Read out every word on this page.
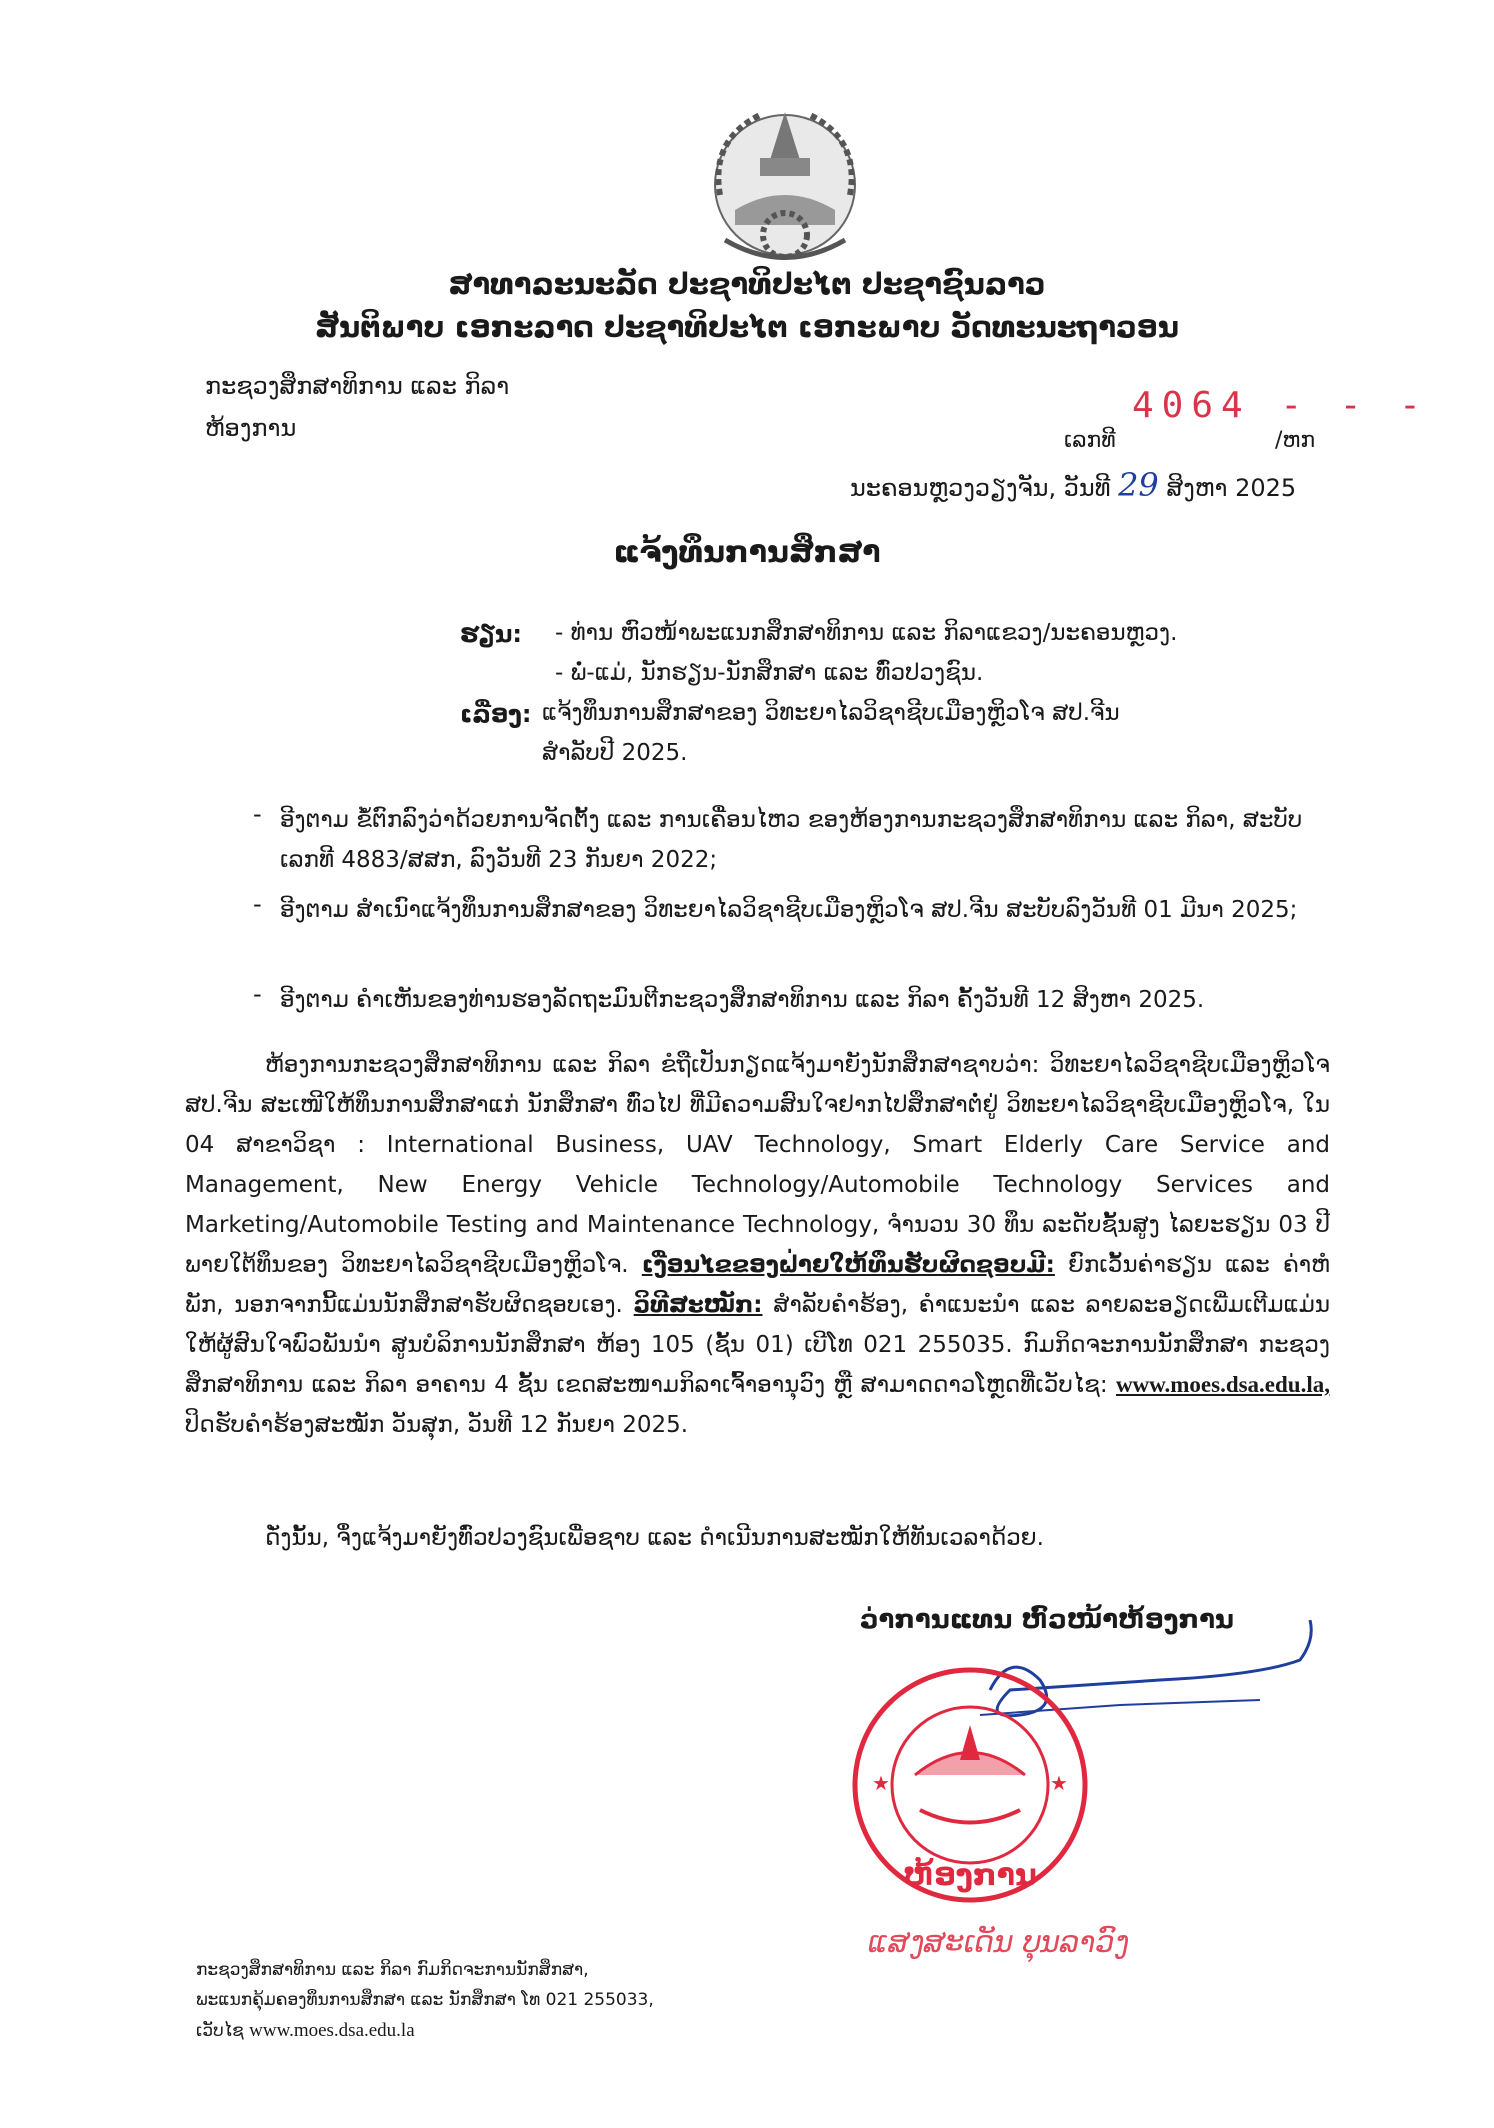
ສາທາລະນະລັດ ປະຊາທິປະໄຕ ປະຊາຊົນລາວ
ສັນຕິພາບ ເອກະລາດ ປະຊາທິປະໄຕ ເອກະພາບ ວັດທະນະຖາວອນ
ກະຊວງສຶກສາທິການ ແລະ ກິລາ
ຫ້ອງການ
4064 - - -
ເລກທີ	/ຫກ
ນະຄອນຫຼວງວຽງຈັນ, ວັນທີ 29 ສິງຫາ 2025
ແຈ້ງທຶນການສຶກສາ
ຮຽນ: - ທ່ານ ຫົວໜ້າພະແນກສຶກສາທິການ ແລະ ກິລາແຂວງ/ນະຄອນຫຼວງ.
- ພໍ່-ແມ່, ນັກຮຽນ-ນັກສຶກສາ ແລະ ທົ່ວປວງຊົນ.
ເລື່ອງ: ແຈ້ງທຶນການສຶກສາຂອງ ວິທະຍາໄລວິຊາຊີບເມືອງຫຼິວໂຈ ສປ.ຈີນ
ສຳລັບປີ 2025.
- ອີງຕາມ ຂໍ້ຕົກລົງວ່າດ້ວຍການຈັດຕັ້ງ ແລະ ການເຄື່ອນໄຫວ ຂອງຫ້ອງການກະຊວງສຶກສາທິການ ແລະ ກິລາ, ສະບັບເລກທີ 4883/ສສກ, ລົງວັນທີ 23 ກັນຍາ 2022;
- ອີງຕາມ ສຳເນົາແຈ້ງທຶນການສຶກສາຂອງ ວິທະຍາໄລວິຊາຊີບເມືອງຫຼິວໂຈ ສປ.ຈີນ ສະບັບລົງວັນທີ 01 ມີນາ 2025;
- ອີງຕາມ ຄຳເຫັນຂອງທ່ານຮອງລັດຖະມົນຕີກະຊວງສຶກສາທິການ ແລະ ກິລາ ຄັ້ງວັນທີ 12 ສິງຫາ 2025.
ຫ້ອງການກະຊວງສຶກສາທິການ ແລະ ກິລາ ຂໍຖືເປັນກຽດແຈ້ງມາຍັງນັກສຶກສາຊາບວ່າ: ວິທະຍາໄລວິຊາຊີບເມືອງຫຼິວໂຈ ສປ.ຈີນ ສະເໜີໃຫ້ທຶນການສຶກສາແກ່ ນັກສຶກສາ ທົ່ວໄປ ທີ່ມີຄວາມສົນໃຈຢາກໄປສຶກສາຕໍ່ຢູ່ ວິທະຍາໄລວິຊາຊີບເມືອງຫຼິວໂຈ, ໃນ 04 ສາຂາວິຊາ : International Business, UAV Technology, Smart Elderly Care Service and Management, New Energy Vehicle Technology/Automobile Technology Services and Marketing/Automobile Testing and Maintenance Technology, ຈຳນວນ 30 ທຶນ ລະດັບຊັ້ນສູງ ໄລຍະຮຽນ 03 ປີ ພາຍໃຕ້ທຶນຂອງ ວິທະຍາໄລວິຊາຊີບເມືອງຫຼິວໂຈ. ເງື່ອນໄຂຂອງຝ່າຍໃຫ້ທຶນຮັບຜິດຊອບມີ: ຍົກເວັ້ນຄ່າຮຽນ ແລະ ຄ່າຫໍພັກ, ນອກຈາກນີ້ແມ່ນນັກສຶກສາຮັບຜິດຊອບເອງ. ວິທີສະໝັກ: ສຳລັບຄຳຮ້ອງ, ຄຳແນະນຳ ແລະ ລາຍລະອຽດເພີ່ມເຕີມແມ່ນໃຫ້ຜູ້ສົນໃຈພົວພັນນຳ ສູນບໍລິການນັກສຶກສາ ຫ້ອງ 105 (ຊັ້ນ 01) ເບີໂທ 021 255035. ກົມກິດຈະການນັກສຶກສາ ກະຊວງສຶກສາທິການ ແລະ ກິລາ ອາຄານ 4 ຊັ້ນ ເຂດສະໜາມກິລາເຈົ້າອານຸວົງ ຫຼື ສາມາດດາວໂຫຼດທີ່ເວັບໄຊ: www.moes.dsa.edu.la, ປິດຮັບຄຳຮ້ອງສະໝັກ ວັນສຸກ, ວັນທີ 12 ກັນຍາ 2025.
ດັ່ງນັ້ນ, ຈຶ່ງແຈ້ງມາຍັງທົ່ວປວງຊົນເພື່ອຊາບ ແລະ ດຳເນີນການສະໝັກໃຫ້ທັນເວລາດ້ວຍ.
ວ່າການແທນ ຫົວໜ້າຫ້ອງການ
★	★
ຫ້ອງການ
ແສງສະເດັນ ບຸນລາວົງ
ກະຊວງສຶກສາທິການ ແລະ ກິລາ ກົມກິດຈະການນັກສຶກສາ,
ພະແນກຄຸ້ມຄອງທຶນການສຶກສາ ແລະ ນັກສຶກສາ ໂທ 021 255033,
ເວັບໄຊ www.moes.dsa.edu.la
